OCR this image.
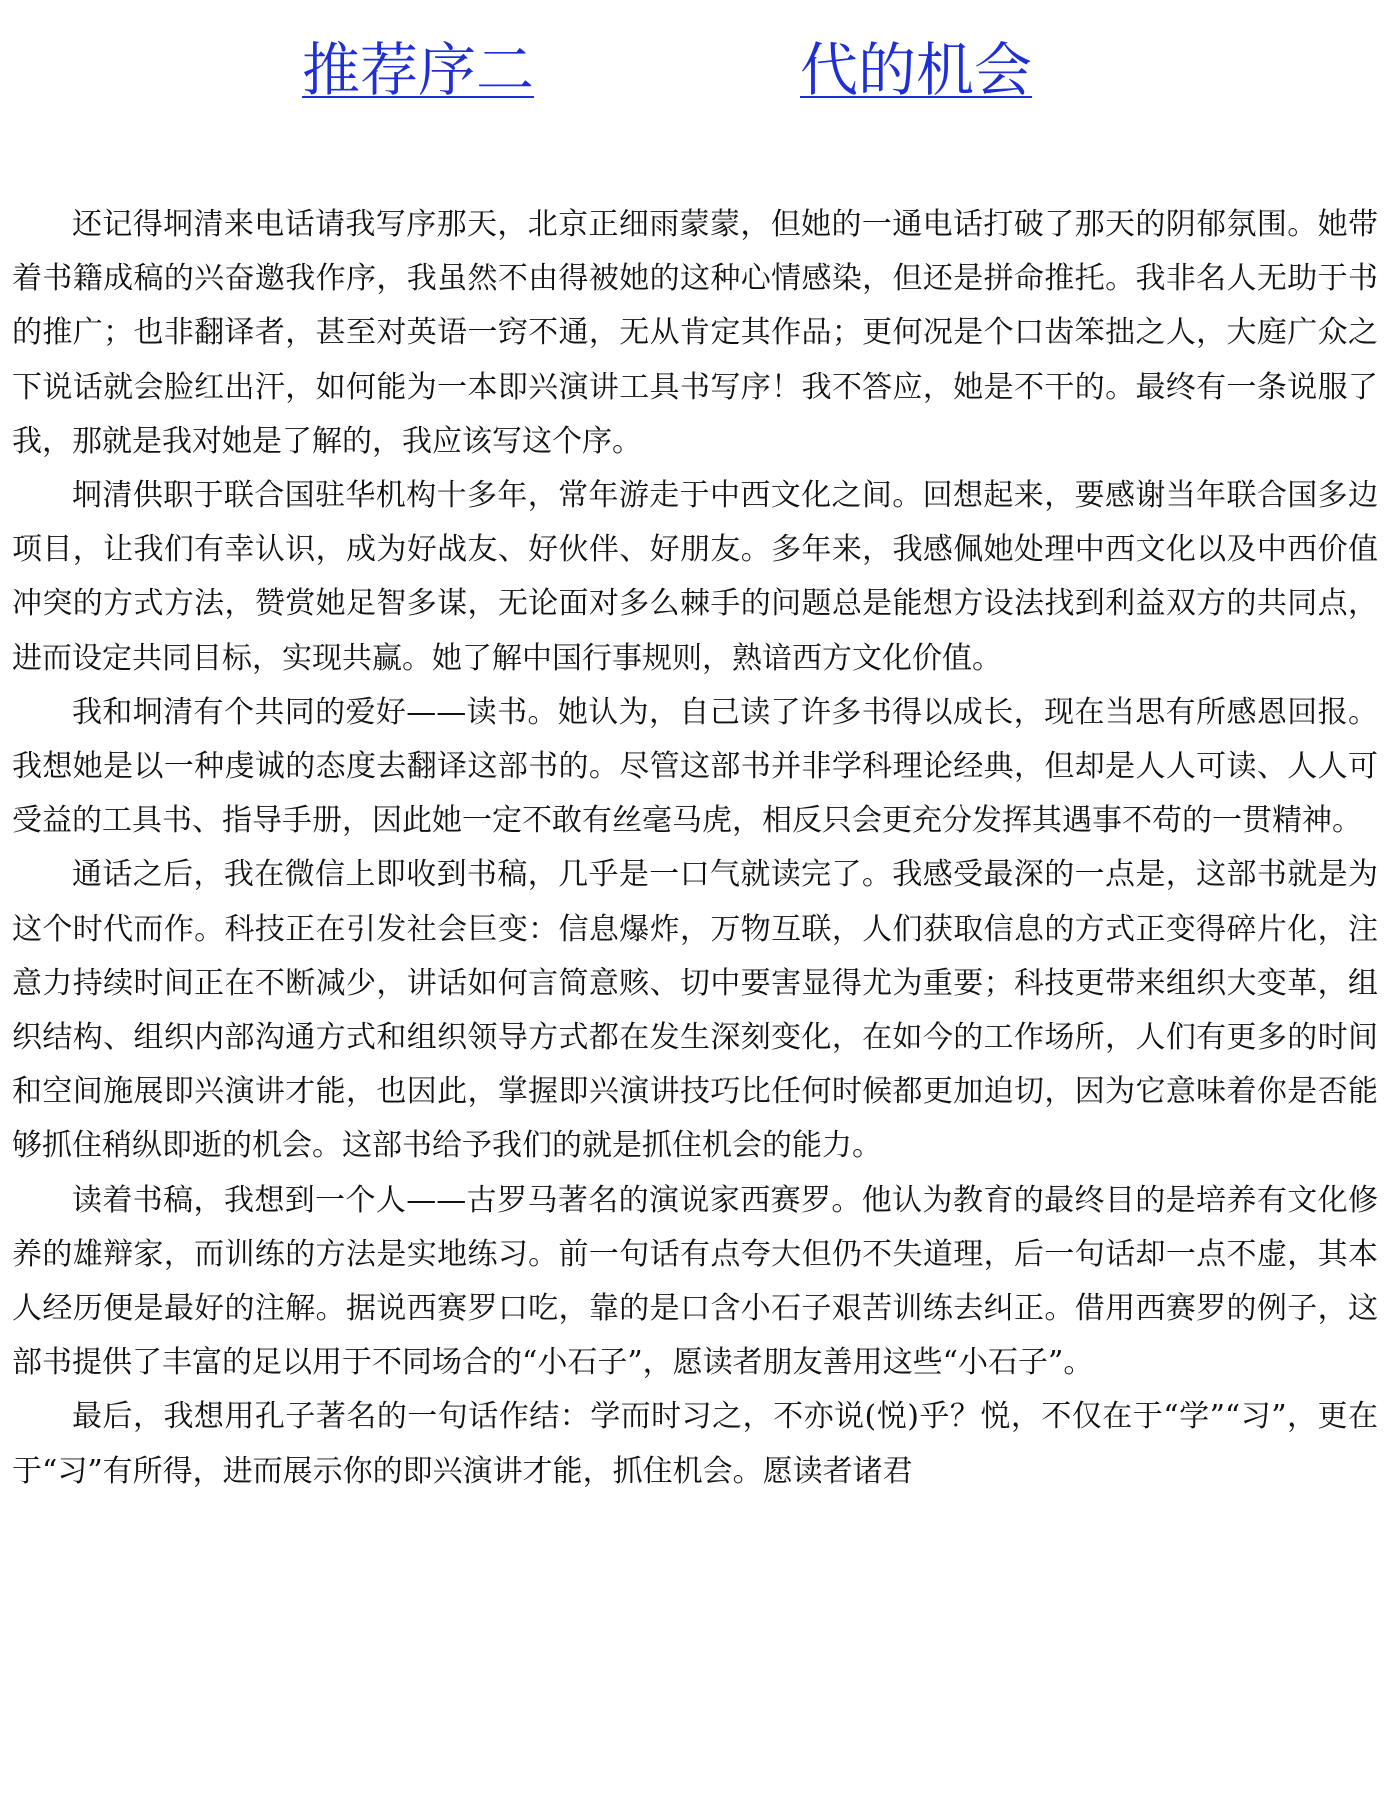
推荐序二	代的机会

还记得坰清来电话请我写序那天，北京正细雨蒙蒙，但她的一通电话打破了那天的阴郁氛围。她带着书籍成稿的兴奋邀我作序，我虽然不由得被她的这种心情感染，但还是拼命推托。我非名人无助于书的推广；也非翻译者，甚至对英语一窍不通，无从肯定其作品；更何况是个口齿笨拙之人，大庭广众之下说话就会脸红出汗，如何能为一本即兴演讲工具书写序！我不答应，她是不干的。最终有一条说服了我，那就是我对她是了解的，我应该写这个序。

坰清供职于联合国驻华机构十多年，常年游走于中西文化之间。回想起来，要感谢当年联合国多边项目，让我们有幸认识，成为好战友、好伙伴、好朋友。多年来，我感佩她处理中西文化以及中西价值冲突的方式方法，赞赏她足智多谋，无论面对多么棘手的问题总是能想方设法找到利益双方的共同点，进而设定共同目标，实现共赢。她了解中国行事规则，熟谙西方文化价值。

我和坰清有个共同的爱好——读书。她认为，自己读了许多书得以成长，现在当思有所感恩回报。我想她是以一种虔诚的态度去翻译这部书的。尽管这部书并非学科理论经典，但却是人人可读、人人可受益的工具书、指导手册，因此她一定不敢有丝毫马虎，相反只会更充分发挥其遇事不苟的一贯精神。

通话之后，我在微信上即收到书稿，几乎是一口气就读完了。我感受最深的一点是，这部书就是为这个时代而作。科技正在引发社会巨变：信息爆炸，万物互联，人们获取信息的方式正变得碎片化，注意力持续时间正在不断减少，讲话如何言简意赅、切中要害显得尤为重要；科技更带来组织大变革，组织结构、组织内部沟通方式和组织领导方式都在发生深刻变化，在如今的工作场所，人们有更多的时间和空间施展即兴演讲才能，也因此，掌握即兴演讲技巧比任何时候都更加迫切，因为它意味着你是否能够抓住稍纵即逝的机会。这部书给予我们的就是抓住机会的能力。

读着书稿，我想到一个人——古罗马著名的演说家西赛罗。他认为教育的最终目的是培养有文化修养的雄辩家，而训练的方法是实地练习。前一句话有点夸大但仍不失道理，后一句话却一点不虚，其本人经历便是最好的注解。据说西赛罗口吃，靠的是口含小石子艰苦训练去纠正。借用西赛罗的例子，这部书提供了丰富的足以用于不同场合的“小石子”，愿读者朋友善用这些“小石子”。

最后，我想用孔子著名的一句话作结：学而时习之，不亦说(悦)乎？悦，不仅在于“学”“习”，更在于“习”有所得，进而展示你的即兴演讲才能，抓住机会。愿读者诸君
